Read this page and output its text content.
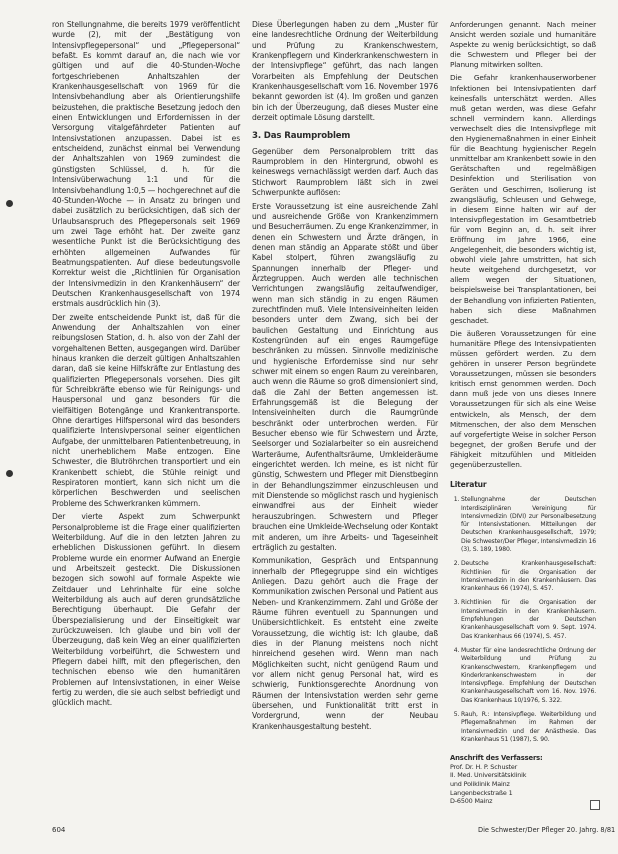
ron Stellungnahme, die bereits 1979 veröffentlicht wurde (2), mit der „Bestätigung von Intensivpflegepersonal“ und „Pflegepersonal“ befaßt. Es kommt darauf an, die nach wie vor gültigen und auf die 40-Stunden-Woche fortgeschriebenen Anhaltszahlen der Krankenhausgesellschaft von 1969 für die Intensivbehandlung aber als Orientierungshilfe beizustehen, die praktische Besetzung jedoch den einen Entwicklungen und Erfordernissen in der Versorgung vitalgefährdeter Patienten auf Intensivstationen anzupassen. Dabei ist es entscheidend, zunächst einmal bei Verwendung der Anhaltszahlen von 1969 zumindest die günstigsten Schlüssel, d. h. für die Intensivüberwachung 1:1 und für die Intensivbehandlung 1:0,5 — hochgerechnet auf die 40-Stunden-Woche — in Ansatz zu bringen und dabei zusätzlich zu berücksichtigen, daß sich der Urlaubsanspruch des Pflegepersonals seit 1969 um zwei Tage erhöht hat. Der zweite ganz wesentliche Punkt ist die Berücksichtigung des erhöhten allgemeinen Aufwandes für Beatmungspatienten. Auf diese bedeutungsvolle Korrektur weist die „Richtlinien für Organisation der Intensivmedizin in den Krankenhäusern“ der Deutschen Krankenhausgesellschaft von 1974 erstmals ausdrücklich hin (3).

Der zweite entscheidende Punkt ist, daß für die Anwendung der Anhaltszahlen von einer reibungslosen Station, d. h. also von der Zahl der vorgehaltenen Betten, ausgegangen wird. Darüber hinaus kranken die derzeit gültigen Anhaltszahlen daran, daß sie keine Hilfskräfte zur Entlastung des qualifizierten Pflegepersonals vorsehen. Dies gilt für Schreibkräfte ebenso wie für Reinigungs- und Hauspersonal und ganz besonders für die vielfältigen Botengänge und Krankentransporte. Ohne derartiges Hilfspersonal wird das besonders qualifizierte Intensivpersonal seiner eigentlichen Aufgabe, der unmittelbaren Patientenbetreuung, in nicht unerheblichem Maße entzogen. Eine Schwester, die Blutröhrchen transportiert und ein Krankenbett schiebt, die Stühle reinigt und Respiratoren montiert, kann sich nicht um die körperlichen Beschwerden und seelischen Probleme des Schwerkranken kümmern.

Der vierte Aspekt zum Schwerpunkt Personalprobleme ist die Frage einer qualifizierten Weiterbildung. Auf die in den letzten Jahren zu erheblichen Diskussionen geführt. In diesem Probleme wurde ein enormer Aufwand an Energie und Arbeitszeit gesteckt. Die Diskussionen bezogen sich sowohl auf formale Aspekte wie Zeitdauer und Lehrinhalte für eine solche Weiterbildung als auch auf deren grundsätzliche Berechtigung überhaupt. Die Gefahr der Überspezialisierung und der Einseitigkeit war zurückzuweisen. Ich glaube und bin voll der Überzeugung, daß kein Weg an einer qualifizierten Weiterbildung vorbeiführt, die Schwestern und Pflegern dabei hilft, mit den pflegerischen, den technischen ebenso wie den humanitären Problemen auf Intensivstationen, in einer Weise fertig zu werden, die sie auch selbst befriedigt und glücklich macht.

Diese Überlegungen haben zu dem „Muster für eine landesrechtliche Ordnung der Weiterbildung und Prüfung zu Krankenschwestern, Krankenpflegern und Kinderkrankenschwestern in der Intensivpflege“ geführt, das nach langen Vorarbeiten als Empfehlung der Deutschen Krankenhausgesellschaft vom 16. November 1976 bekannt geworden ist (4). Im großen und ganzen bin ich der Überzeugung, daß dieses Muster eine derzeit optimale Lösung darstellt.

3. Das Raumproblem

Gegenüber dem Personalproblem tritt das Raumproblem in den Hintergrund, obwohl es keineswegs vernachlässigt werden darf. Auch das Stichwort Raumproblem läßt sich in zwei Schwerpunkte auflösen:

Erste Voraussetzung ist eine ausreichende Zahl und ausreichende Größe von Krankenzimmern und Besucherräumen. Zu enge Krankenzimmer, in denen ein Schwestern und Ärzte drängen, in denen man ständig an Apparate stößt und über Kabel stolpert, führen zwangsläufig zu Spannungen innerhalb der Pfleger- und Ärztegruppen. Auch werden alle technischen Verrichtungen zwangsläufig zeitaufwendiger, wenn man sich ständig in zu engen Räumen zurechtfinden muß. Viele Intensiveinheiten leiden besonders unter dem Zwang, sich bei der baulichen Gestaltung und Einrichtung aus Kostengründen auf ein enges Raumgefüge beschränken zu müssen. Sinnvolle medizinische und hygienische Erfordernisse sind nur sehr schwer mit einem so engen Raum zu vereinbaren, auch wenn die Räume so groß dimensioniert sind, daß die Zahl der Betten angemessen ist. Erfahrungsgemäß ist die Belegung der Intensiveinheiten durch die Raumgründe beschränkt oder unterbrochen werden. Für Besucher ebenso wie für Schwestern und Ärzte, Seelsorger und Sozialarbeiter so ein ausreichend Warteräume, Aufenthaltsräume, Umkleideräume eingerichtet werden. Ich meine, es ist nicht für günstig, Schwestern und Pfleger mit Dienstbeginn in der Behandlungszimmer einzuschleusen und mit Dienstende so möglichst rasch und hygienisch einwandfrei aus der Einheit wieder herauszubringen. Schwestern und Pfleger brauchen eine Umkleide-Wechselung oder Kontakt mit anderen, um ihre Arbeits- und Tageseinheit erträglich zu gestalten.

Kommunikation, Gespräch und Entspannung innerhalb der Pflegegruppe sind ein wichtiges Anliegen. Dazu gehört auch die Frage der Kommunikation zwischen Personal und Patient aus Neben- und Krankenzimmern. Zahl und Größe der Räume führen eventuell zu Spannungen und Unübersichtlichkeit. Es entsteht eine zweite Voraussetzung, die wichtig ist: Ich glaube, daß dies in der Planung meistens noch nicht hinreichend gesehen wird. Wenn man nach Möglichkeiten sucht, nicht genügend Raum und vor allem nicht genug Personal hat, wird es schwierig, Funktionsgerechte Anordnung von Räumen der Intensivstation werden sehr gerne übersehen, und Funktionalität tritt erst in Vordergrund, wenn der Neubau Krankenhausgestaltung besteht.

Anforderungen genannt. Nach meiner Ansicht werden soziale und humanitäre Aspekte zu wenig berücksichtigt, so daß die Schwestern und Pfleger bei der Planung mitwirken sollten.

Die Gefahr krankenhauserworbener Infektionen bei Intensivpatienten darf keinesfalls unterschätzt werden. Alles muß getan werden, was diese Gefahr schnell vermindern kann. Allerdings verwechselt dies die Intensivpflege mit den Hygienemaßnahmen in einer Einheit für die Beachtung hygienischer Regeln unmittelbar am Krankenbett sowie in den Gerätschaften und regelmäßigen Desinfektion und Sterilisation von Geräten und Geschirren, Isolierung ist zwangsläufig, Schleusen und Gehwege, in diesem Einne halten wir auf der Intensivpflegestation im Gesamtbetrieb für vom Beginn an, d. h. seit ihrer Eröffnung im Jahre 1966, eine Angelegenheit, die besonders wichtig ist, obwohl viele Jahre umstritten, hat sich heute weitgehend durchgesetzt, vor allem wegen der Situationen, beispielsweise bei Transplantationen, bei der Behandlung von infizierten Patienten, haben sich diese Maßnahmen geschadet.

Die äußeren Voraussetzungen für eine humanitäre Pflege des Intensivpatienten müssen gefördert werden. Zu dem gehören in unserer Person begründete Voraussetzungen, müssen sie besonders kritisch ernst genommen werden. Doch dann muß jede von uns dieses Innere Voraussetzungen für sich als eine Weise entwickeln, als Mensch, der dem Mitmenschen, der also dem Menschen auf vorgefertigte Weise in solcher Person begegnet, der großen Berufe und der Fähigkeit mitzufühlen und Mitleiden gegenüberzustellen.

Literatur
1. Stellungnahme der Deutschen Interdisziplinären Vereinigung für Intensivmedizin (DIVI) zur Personalbesetzung für Intensivstationen. Mitteilungen der Deutschen Krankenhausgesellschaft, 1979; Die Schwester/Der Pfleger, Intensivmedizin 16 (3), S. 189, 1980.
2. Deutsche Krankenhausgesellschaft: Richtlinien für die Organisation der Intensivmedizin in den Krankenhäusern. Das Krankenhaus 66 (1974), S. 457.
3. Richtlinien für die Organisation der Intensivmedizin in den Krankenhäusern. Empfehlungen der Deutschen Krankenhausgesellschaft vom 9. Sept. 1974. Das Krankenhaus 66 (1974), S. 457.
4. Muster für eine landesrechtliche Ordnung der Weiterbildung und Prüfung zu Krankenschwestern, Krankenpflegern und Kinderkrankenschwestern in der Intensivpflege. Empfehlung der Deutschen Krankenhausgesellschaft vom 16. Nov. 1976. Das Krankenhaus 10/1976, S. 322.
5. Rauh, R.: Intensivpflege. Weiterbildung und Pflegemaßnahmen im Rahmen der Intensivmedizin und der Anästhesie. Das Krankenhaus 51 (1987), S. 90.
Anschrift des Verfassers:
Prof. Dr. H. P. Schuster
II. Med. Universitätsklinik
und Poliklinik Mainz
Langenbeckstraße 1
D-6500 Mainz
604	Die Schwester/Der Pfleger 20. Jahrg. 8/81
